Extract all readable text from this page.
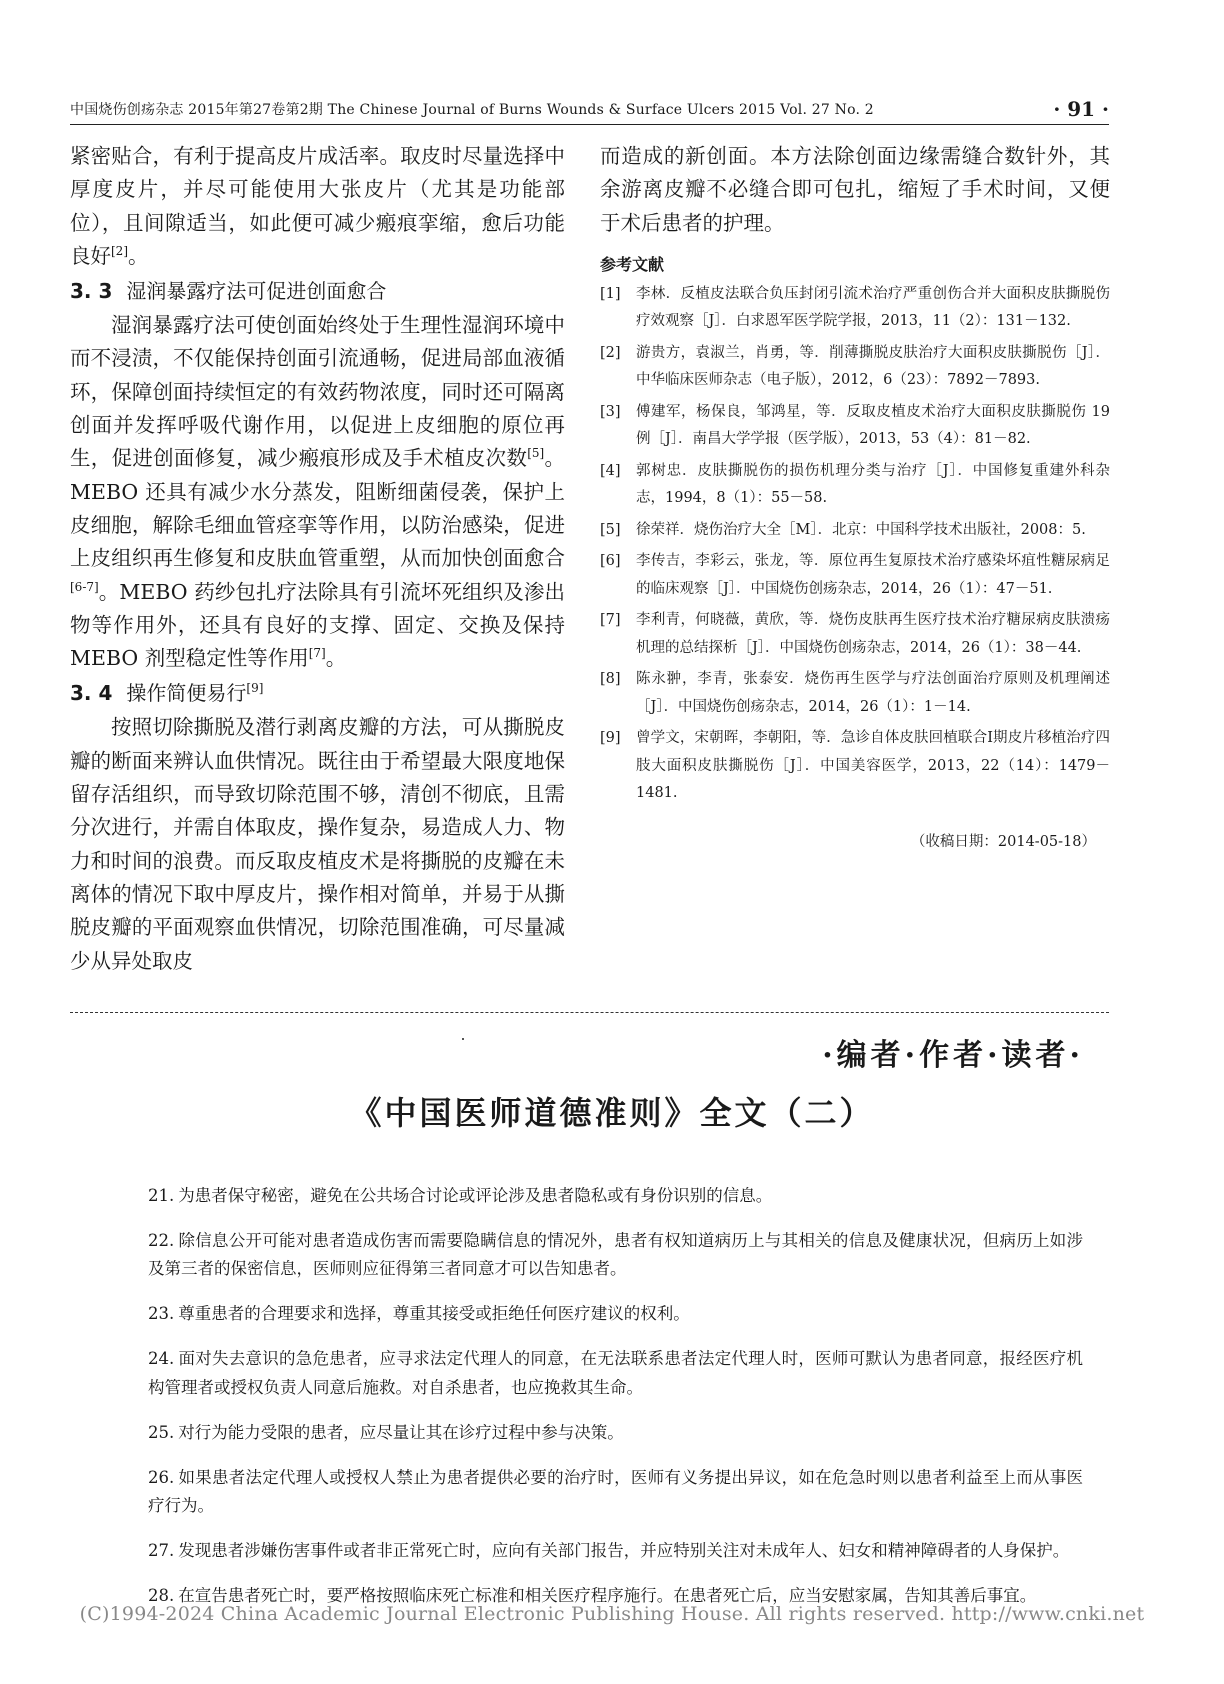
中国烧伤创疡杂志 2015年第27卷第2期 The Chinese Journal of Burns Wounds & Surface Ulcers 2015 Vol. 27 No. 2	· 91 ·

紧密贴合，有利于提高皮片成活率。取皮时尽量选择中厚度皮片，并尽可能使用大张皮片（尤其是功能部位），且间隙适当，如此便可减少瘢痕挛缩，愈后功能良好[2]。

3. 3 湿润暴露疗法可促进创面愈合

湿润暴露疗法可使创面始终处于生理性湿润环境中而不浸渍，不仅能保持创面引流通畅，促进局部血液循环，保障创面持续恒定的有效药物浓度，同时还可隔离创面并发挥呼吸代谢作用，以促进上皮细胞的原位再生，促进创面修复，减少瘢痕形成及手术植皮次数[5]。MEBO 还具有减少水分蒸发，阻断细菌侵袭，保护上皮细胞，解除毛细血管痉挛等作用，以防治感染，促进上皮组织再生修复和皮肤血管重塑，从而加快创面愈合[6-7]。MEBO 药纱包扎疗法除具有引流坏死组织及渗出物等作用外，还具有良好的支撑、固定、交换及保持 MEBO 剂型稳定性等作用[7]。

3. 4 操作简便易行[9]

按照切除撕脱及潜行剥离皮瓣的方法，可从撕脱皮瓣的断面来辨认血供情况。既往由于希望最大限度地保留存活组织，而导致切除范围不够，清创不彻底，且需分次进行，并需自体取皮，操作复杂，易造成人力、物力和时间的浪费。而反取皮植皮术是将撕脱的皮瓣在未离体的情况下取中厚皮片，操作相对简单，并易于从撕脱皮瓣的平面观察血供情况，切除范围准确，可尽量减少从异处取皮

而造成的新创面。本方法除创面边缘需缝合数针外，其余游离皮瓣不必缝合即可包扎，缩短了手术时间，又便于术后患者的护理。

参考文献
[1]	李林．反植皮法联合负压封闭引流术治疗严重创伤合并大面积皮肤撕脱伤疗效观察［J］．白求恩军医学院学报，2013，11（2）：131－132.
[2]	游贵方，袁淑兰，肖勇，等．削薄撕脱皮肤治疗大面积皮肤撕脱伤［J］．中华临床医师杂志（电子版），2012，6（23）：7892－7893.
[3]	傅建军，杨保良，邹鸿星，等．反取皮植皮术治疗大面积皮肤撕脱伤 19 例［J］．南昌大学学报（医学版），2013，53（4）：81－82.
[4]	郭树忠．皮肤撕脱伤的损伤机理分类与治疗［J］．中国修复重建外科杂志，1994，8（1）：55－58.
[5]	徐荣祥．烧伤治疗大全［M］．北京：中国科学技术出版社，2008：5.
[6]	李传吉，李彩云，张龙，等．原位再生复原技术治疗感染坏疽性糖尿病足的临床观察［J］．中国烧伤创疡杂志，2014，26（1）：47－51.
[7]	李利青，何晓薇，黄欣，等．烧伤皮肤再生医疗技术治疗糖尿病皮肤溃疡机理的总结探析［J］．中国烧伤创疡杂志，2014，26（1）：38－44.
[8]	陈永翀，李青，张泰安．烧伤再生医学与疗法创面治疗原则及机理阐述［J］．中国烧伤创疡杂志，2014，26（1）：1－14.
[9]	曾学文，宋朝晖，李朝阳，等．急诊自体皮肤回植联合Ⅰ期皮片移植治疗四肢大面积皮肤撕脱伤［J］．中国美容医学，2013，22（14）：1479－1481.
（收稿日期：2014-05-18）
·编者·作者·读者·
《中国医师道德准则》全文（二）

21. 为患者保守秘密，避免在公共场合讨论或评论涉及患者隐私或有身份识别的信息。

22. 除信息公开可能对患者造成伤害而需要隐瞒信息的情况外，患者有权知道病历上与其相关的信息及健康状况，但病历上如涉及第三者的保密信息，医师则应征得第三者同意才可以告知患者。

23. 尊重患者的合理要求和选择，尊重其接受或拒绝任何医疗建议的权利。

24. 面对失去意识的急危患者，应寻求法定代理人的同意，在无法联系患者法定代理人时，医师可默认为患者同意，报经医疗机构管理者或授权负责人同意后施救。对自杀患者，也应挽救其生命。

25. 对行为能力受限的患者，应尽量让其在诊疗过程中参与决策。

26. 如果患者法定代理人或授权人禁止为患者提供必要的治疗时，医师有义务提出异议，如在危急时则以患者利益至上而从事医疗行为。

27. 发现患者涉嫌伤害事件或者非正常死亡时，应向有关部门报告，并应特别关注对未成年人、妇女和精神障碍者的人身保护。

28. 在宣告患者死亡时，要严格按照临床死亡标准和相关医疗程序施行。在患者死亡后，应当安慰家属，告知其善后事宜。

(C)1994-2024 China Academic Journal Electronic Publishing House. All rights reserved. http://www.cnki.net
